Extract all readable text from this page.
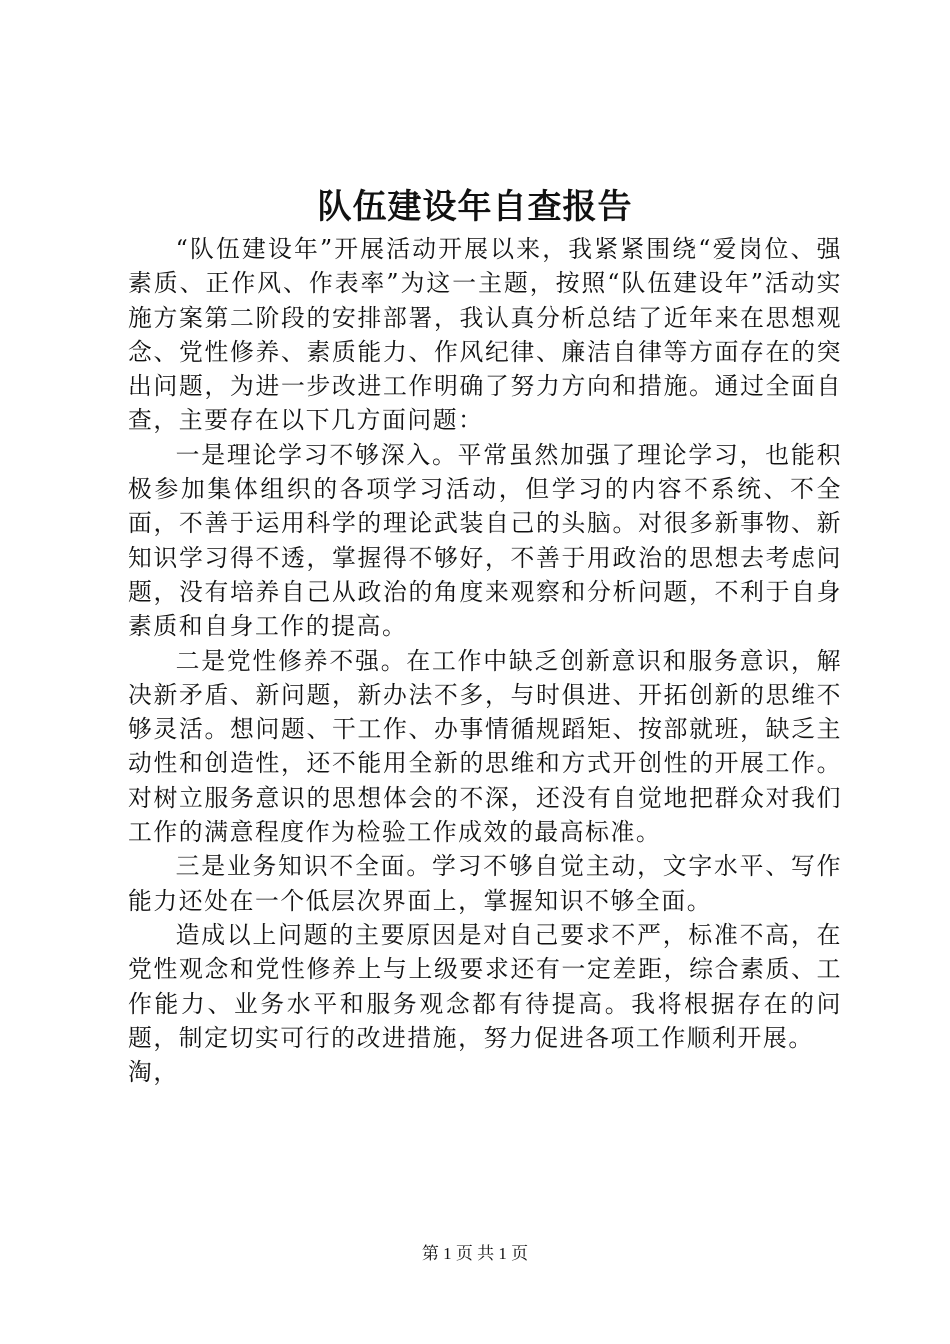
队伍建设年自查报告

“队伍建设年”开展活动开展以来，我紧紧围绕“爱岗位、强素质、正作风、作表率”为这一主题，按照“队伍建设年”活动实施方案第二阶段的安排部署，我认真分析总结了近年来在思想观念、党性修养、素质能力、作风纪律、廉洁自律等方面存在的突出问题，为进一步改进工作明确了努力方向和措施。通过全面自查，主要存在以下几方面问题：

一是理论学习不够深入。平常虽然加强了理论学习，也能积极参加集体组织的各项学习活动，但学习的内容不系统、不全面，不善于运用科学的理论武装自己的头脑。对很多新事物、新知识学习得不透，掌握得不够好，不善于用政治的思想去考虑问题，没有培养自己从政治的角度来观察和分析问题，不利于自身素质和自身工作的提高。

二是党性修养不强。在工作中缺乏创新意识和服务意识，解决新矛盾、新问题，新办法不多，与时俱进、开拓创新的思维不够灵活。想问题、干工作、办事情循规蹈矩、按部就班，缺乏主动性和创造性，还不能用全新的思维和方式开创性的开展工作。对树立服务意识的思想体会的不深，还没有自觉地把群众对我们工作的满意程度作为检验工作成效的最高标准。

三是业务知识不全面。学习不够自觉主动，文字水平、写作能力还处在一个低层次界面上，掌握知识不够全面。

造成以上问题的主要原因是对自己要求不严，标准不高，在党性观念和党性修养上与上级要求还有一定差距，综合素质、工作能力、业务水平和服务观念都有待提高。我将根据存在的问题，制定切实可行的改进措施，努力促进各项工作顺利开展。

淘，

第 1 页 共 1 页
